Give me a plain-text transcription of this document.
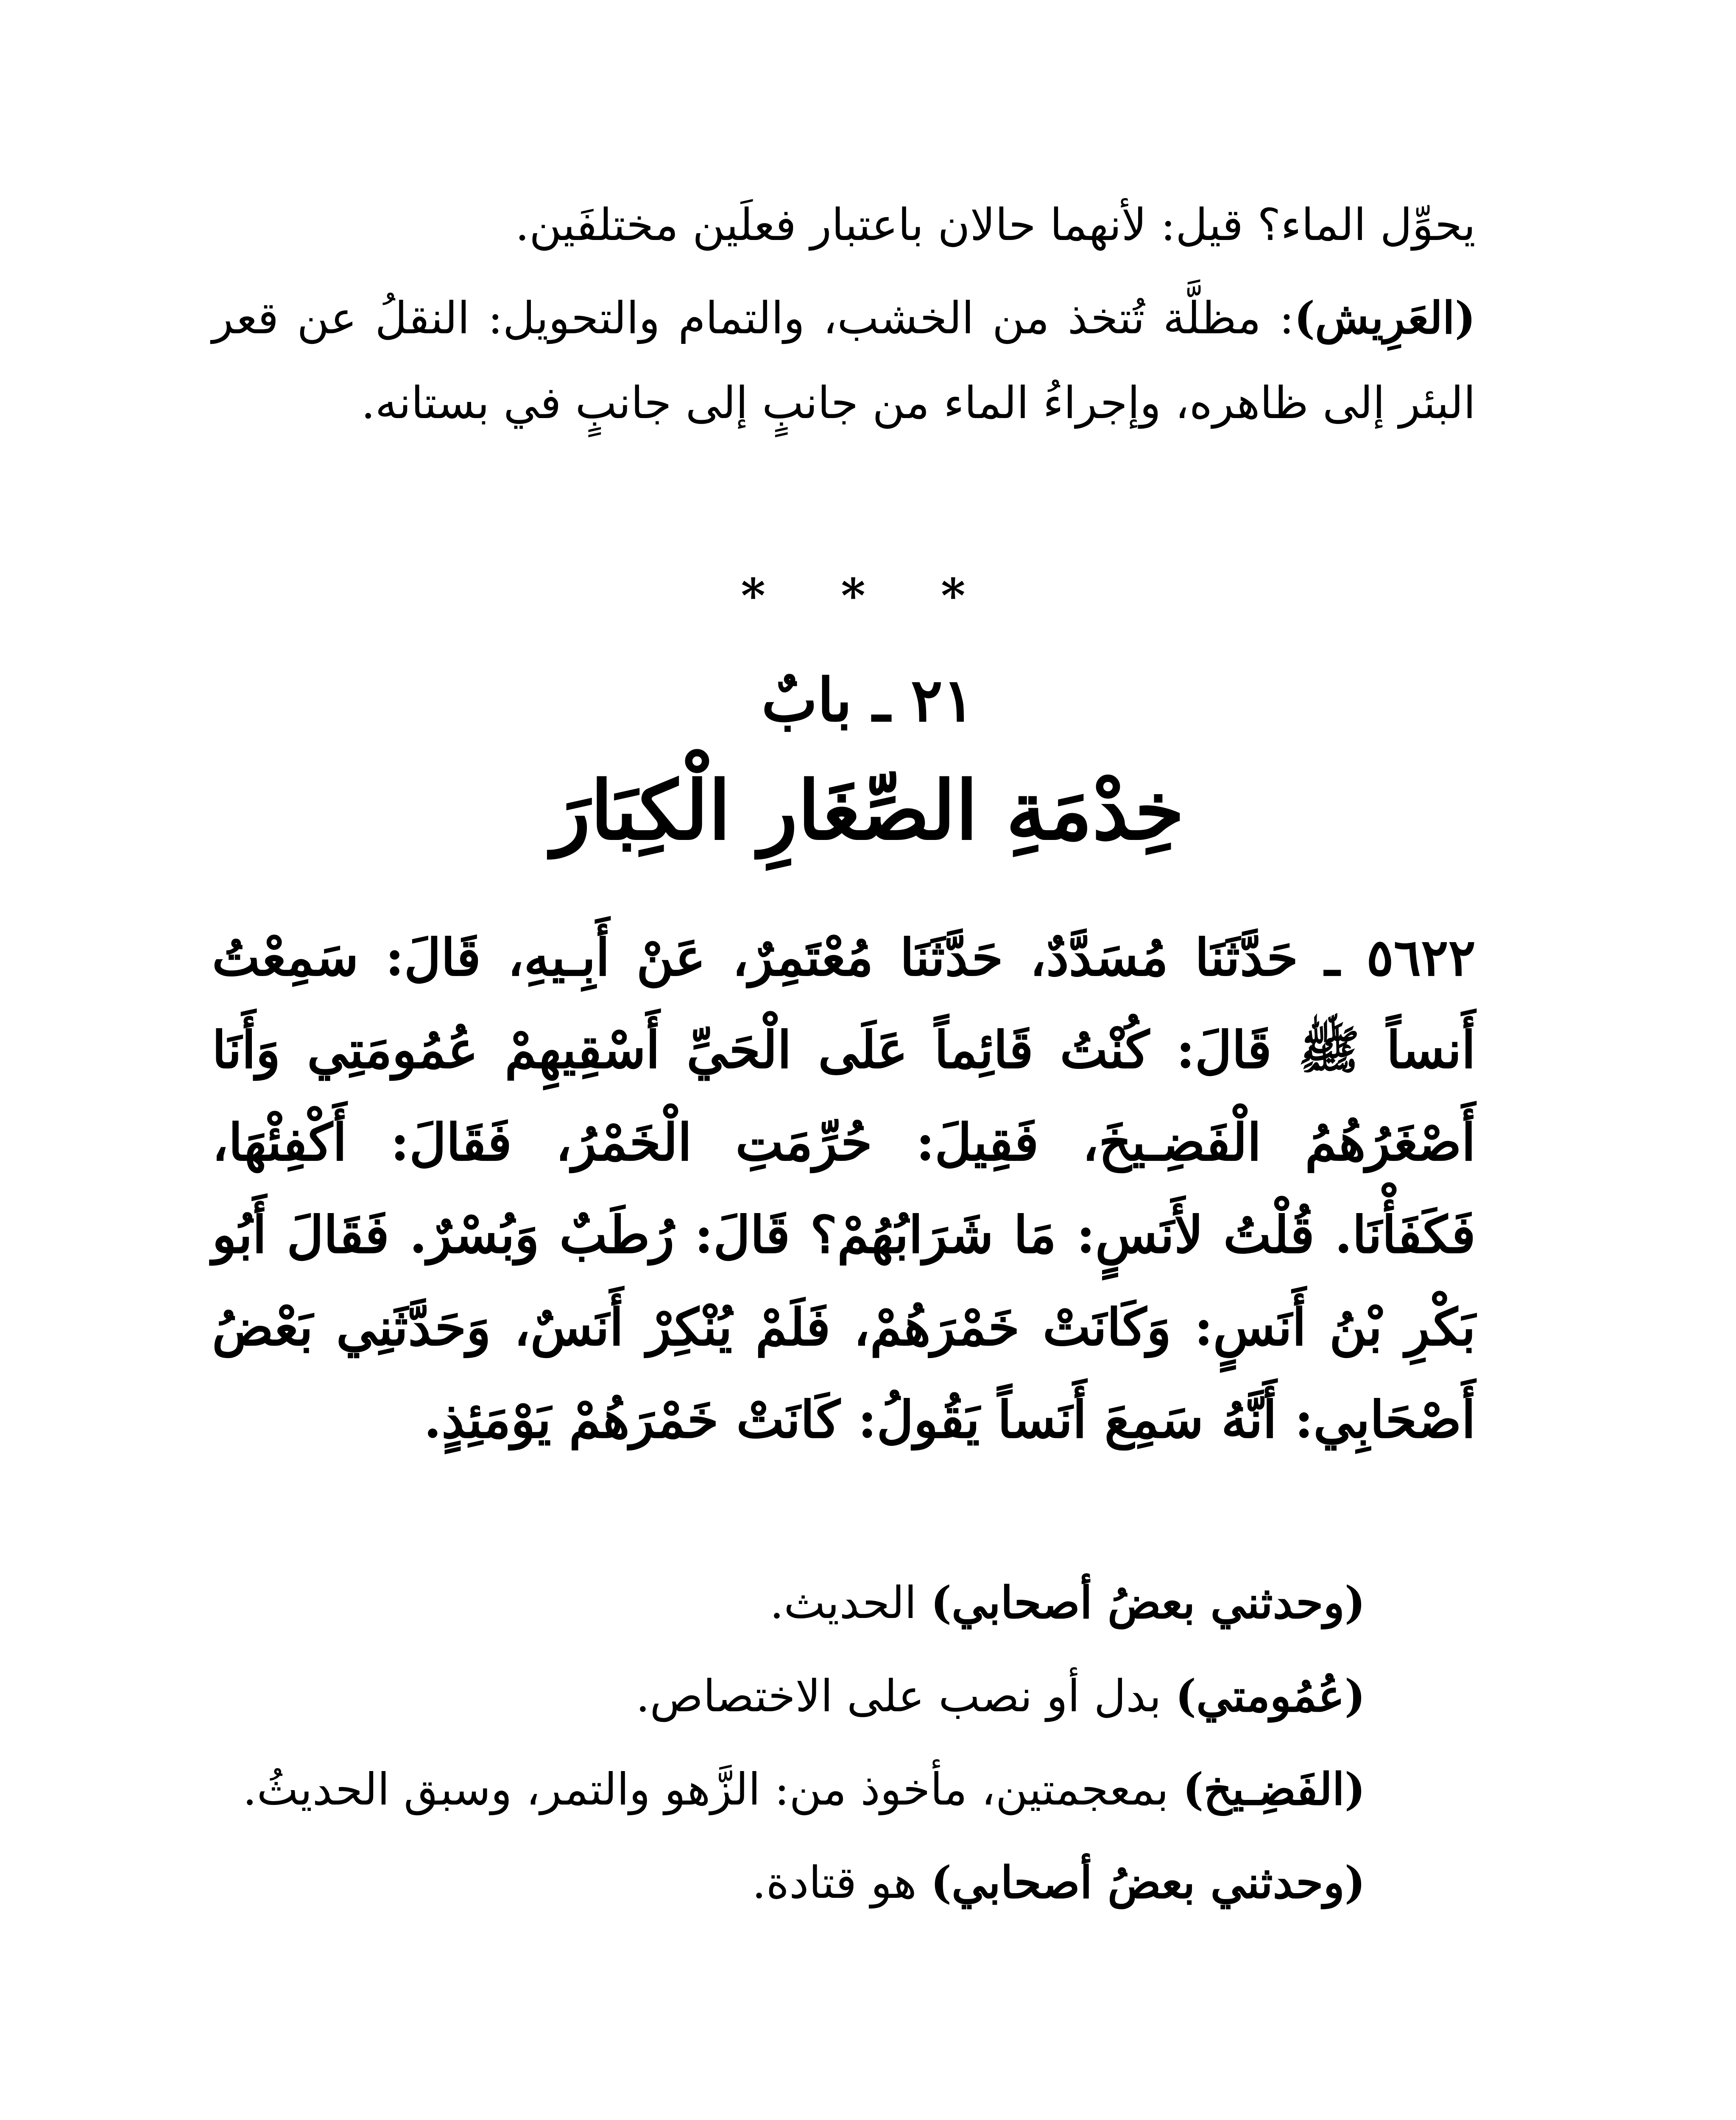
يحوِّل الماء؟ قيل: لأنهما حالان باعتبار فعلَين مختلفَين.

(العَرِيش): مظلَّة تُتخذ من الخشب، والتمام والتحويل: النقلُ عن قعر البئر إلى ظاهره، وإجراءُ الماء من جانبٍ إلى جانبٍ في بستانه.

* * *
٢١ ـ بابٌ
خِدْمَةِ الصِّغَارِ الْكِبَارَ

٥٦٢٢ ـ حَدَّثَنَا مُسَدَّدٌ، حَدَّثَنَا مُعْتَمِرٌ، عَنْ أَبِـيهِ، قَالَ: سَمِعْتُ أَنساً ﷺ قَالَ: كُنْتُ قَائِماً عَلَى الْحَيِّ أَسْقِيهِمْ عُمُومَتِي وَأَنَا أَصْغَرُهُمُ الْفَضِـيخَ، فَقِيلَ: حُرِّمَتِ الْخَمْرُ، فَقَالَ: أَكْفِئْهَا، فَكَفَأْنَا. قُلْتُ لأَنَسٍ: مَا شَرَابُهُمْ؟ قَالَ: رُطَبٌ وَبُسْرٌ. فَقَالَ أَبُو بَكْرِ بْنُ أَنَسٍ: وَكَانَتْ خَمْرَهُمْ، فَلَمْ يُنْكِرْ أَنَسٌ، وَحَدَّثَنِي بَعْضُ أَصْحَابِي: أَنَّهُ سَمِعَ أَنَساً يَقُولُ: كَانَتْ خَمْرَهُمْ يَوْمَئِذٍ.

(وحدثني بعضُ أصحابي) الحديث.

(عُمُومتي) بدل أو نصب على الاختصاص.

(الفَضِـيخ) بمعجمتين، مأخوذ من: الزَّهو والتمر، وسبق الحديثُ.

(وحدثني بعضُ أصحابي) هو قتادة.
